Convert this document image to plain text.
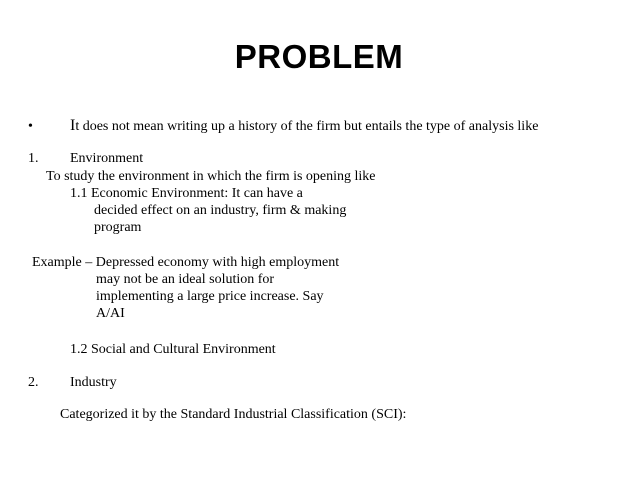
PROBLEM
• It does not mean writing up a history of the firm but entails the type of analysis like
1. Environment
To study the environment in which the firm is opening like
1.1 Economic Environment: It can have a
decided effect on an industry, firm & making
program
Example – Depressed economy with high employment
may not be an ideal solution for
implementing a large price increase. Say
A/AI
1.2 Social and Cultural Environment
2. Industry
Categorized it by the Standard Industrial Classification (SCI):
